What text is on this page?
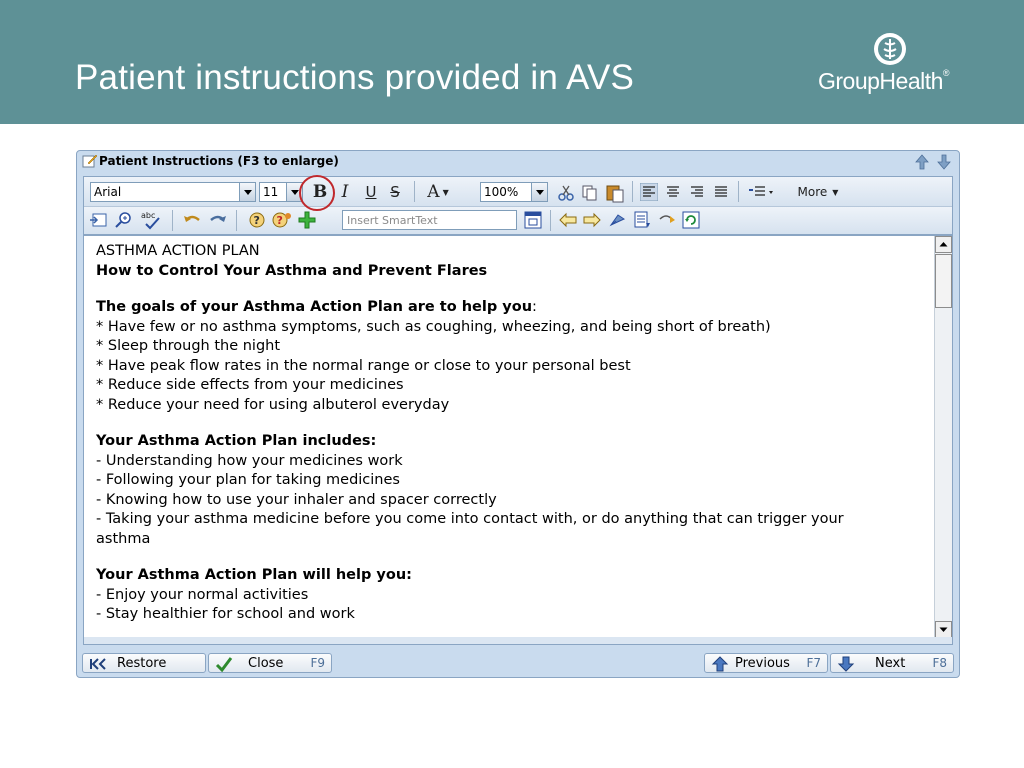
Patient instructions provided in AVS	GroupHealth®
Patient Instructions (F3 to enlarge)

Arial	11	B I	U S A ▼	100%	More ▼
abc	? ?	Insert SmartText
ASTHMA ACTION PLAN
How to Control Your Asthma and Prevent Flares
The goals of your Asthma Action Plan are to help you:
* Have few or no asthma symptoms, such as coughing, wheezing, and being short of breath)
* Sleep through the night
* Have peak flow rates in the normal range or close to your personal best
* Reduce side effects from your medicines
* Reduce your need for using albuterol everyday
Your Asthma Action Plan includes:
- Understanding how your medicines work
- Following your plan for taking medicines
- Knowing how to use your inhaler and spacer correctly
- Taking your asthma medicine before you come into contact with, or do anything that can trigger your
asthma
Your Asthma Action Plan will help you:
- Enjoy your normal activities
- Stay healthier for school and work
Restore	Close F9	Previous F7	Next F8
